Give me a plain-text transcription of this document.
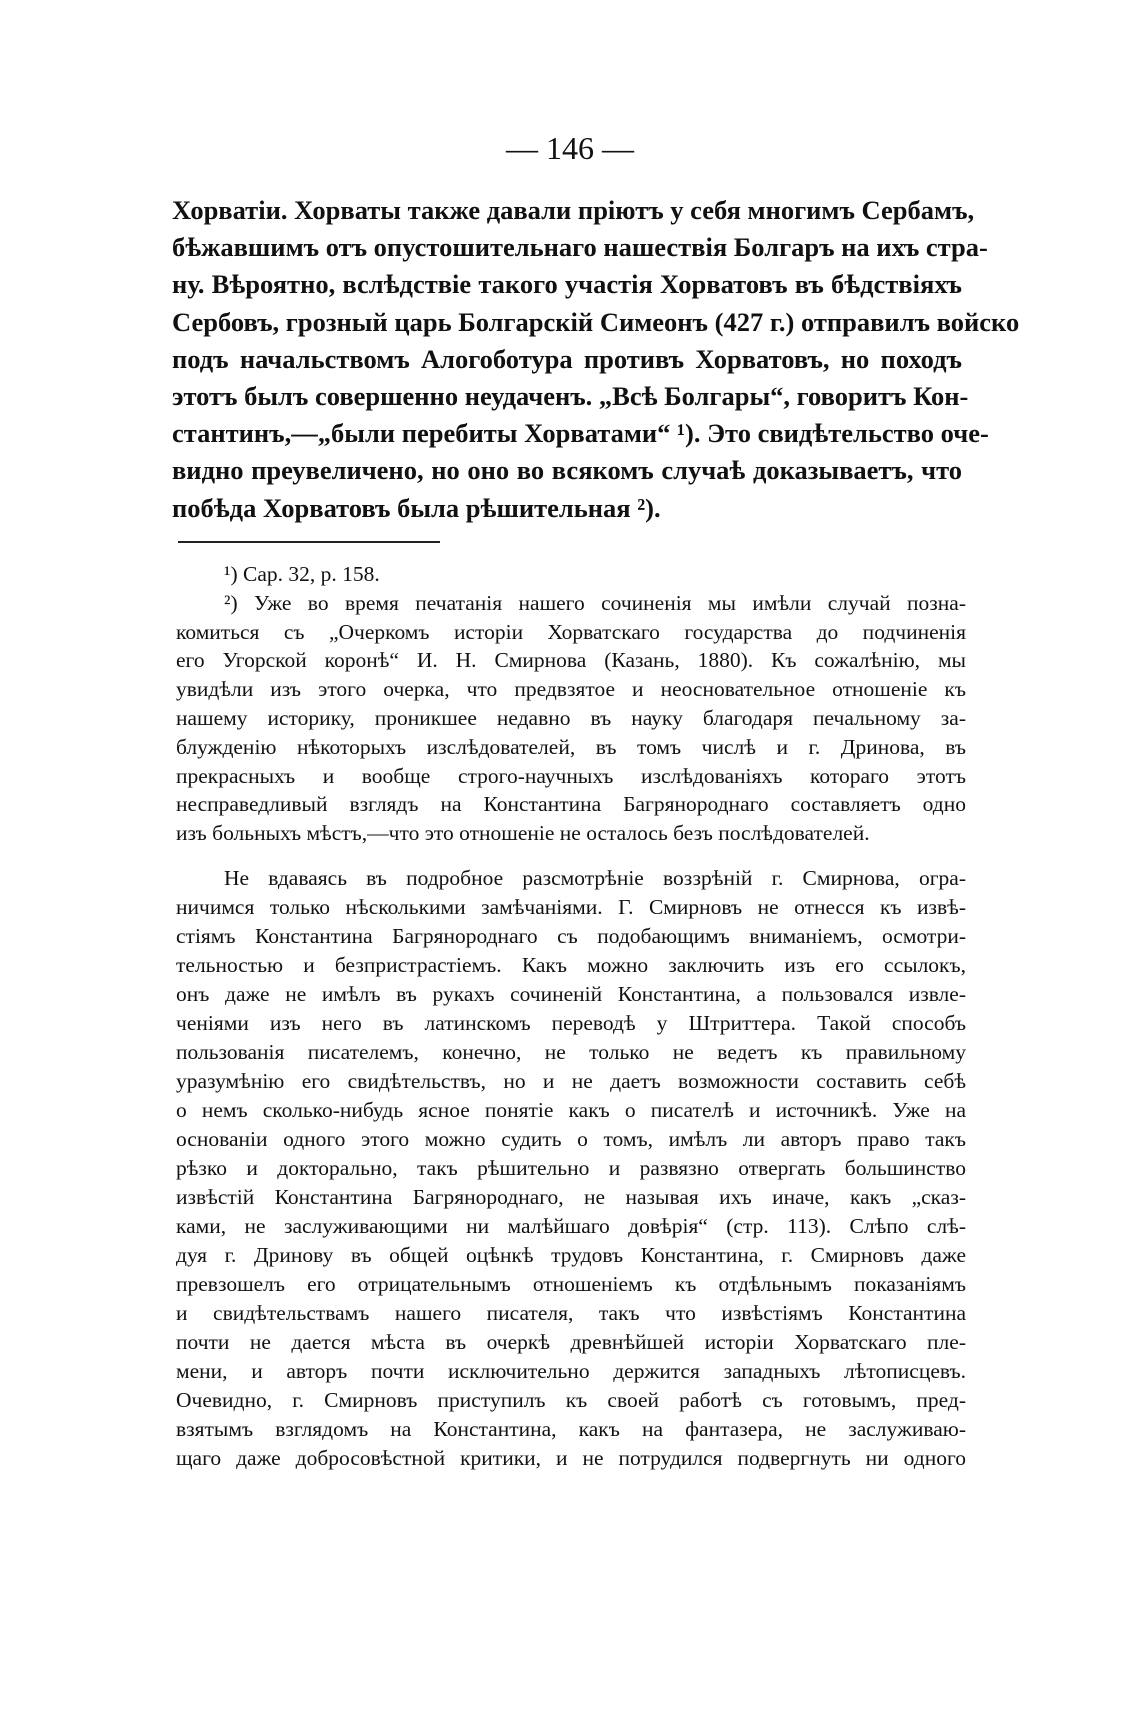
— 146 —
Хорватіи. Хорваты также давали пріютъ у себя многимъ Сербамъ,
бѣжавшимъ отъ опустошительнаго нашествія Болгаръ на ихъ стра-
ну. Вѣроятно, вслѣдствіе такого участія Хорватовъ въ бѣдствіяхъ
Сербовъ, грозный царь Болгарскій Симеонъ (427 г.) отправилъ войско
подъ начальствомъ Алогоботура противъ Хорватовъ, но походъ
этотъ былъ совершенно неудаченъ. „Всѣ Болгары“, говоритъ Кон-
стантинъ,—„были перебиты Хорватами“ ¹). Это свидѣтельство оче-
видно преувеличено, но оно во всякомъ случаѣ доказываетъ, что
побѣда Хорватовъ была рѣшительная ²).
¹) Cap. 32, p. 158.
²) Уже во время печатанія нашего сочиненія мы имѣли случай позна-
комиться съ „Очеркомъ исторіи Хорватскаго государства до подчиненія
его Угорской коронѣ“ И. Н. Смирнова (Казань, 1880). Къ сожалѣнію, мы
увидѣли изъ этого очерка, что предвзятое и неосновательное отношеніе къ
нашему историку, проникшее недавно въ науку благодаря печальному за-
блужденію нѣкоторыхъ изслѣдователей, въ томъ числѣ и г. Дринова, въ
прекрасныхъ и вообще строго-научныхъ изслѣдованіяхъ котораго этотъ
несправедливый взглядъ на Константина Багрянороднаго составляетъ одно
изъ больныхъ мѣстъ,—что это отношеніе не осталось безъ послѣдователей.
Не вдаваясь въ подробное разсмотрѣніе воззрѣній г. Смирнова, огра-
ничимся только нѣсколькими замѣчаніями. Г. Смирновъ не отнесся къ извѣ-
стіямъ Константина Багрянороднаго съ подобающимъ вниманіемъ, осмотри-
тельностью и безпристрастіемъ. Какъ можно заключить изъ его ссылокъ,
онъ даже не имѣлъ въ рукахъ сочиненій Константина, а пользовался извле-
ченіями изъ него въ латинскомъ переводѣ у Штриттера. Такой способъ
пользованія писателемъ, конечно, не только не ведетъ къ правильному
уразумѣнію его свидѣтельствъ, но и не даетъ возможности составить себѣ
о немъ сколько-нибудь ясное понятіе какъ о писателѣ и источникѣ. Уже на
основаніи одного этого можно судить о томъ, имѣлъ ли авторъ право такъ
рѣзко и докторально, такъ рѣшительно и развязно отвергать большинство
извѣстій Константина Багрянороднаго, не называя ихъ иначе, какъ „сказ-
ками, не заслуживающими ни малѣйшаго довѣрія“ (стр. 113). Слѣпо слѣ-
дуя г. Дринову въ общей оцѣнкѣ трудовъ Константина, г. Смирновъ даже
превзошелъ его отрицательнымъ отношеніемъ къ отдѣльнымъ показаніямъ
и свидѣтельствамъ нашего писателя, такъ что извѣстіямъ Константина
почти не дается мѣста въ очеркѣ древнѣйшей исторіи Хорватскаго пле-
мени, и авторъ почти исключительно держится западныхъ лѣтописцевъ.
Очевидно, г. Смирновъ приступилъ къ своей работѣ съ готовымъ, пред-
взятымъ взглядомъ на Константина, какъ на фантазера, не заслуживаю-
щаго даже добросовѣстной критики, и не потрудился подвергнуть ни одного
